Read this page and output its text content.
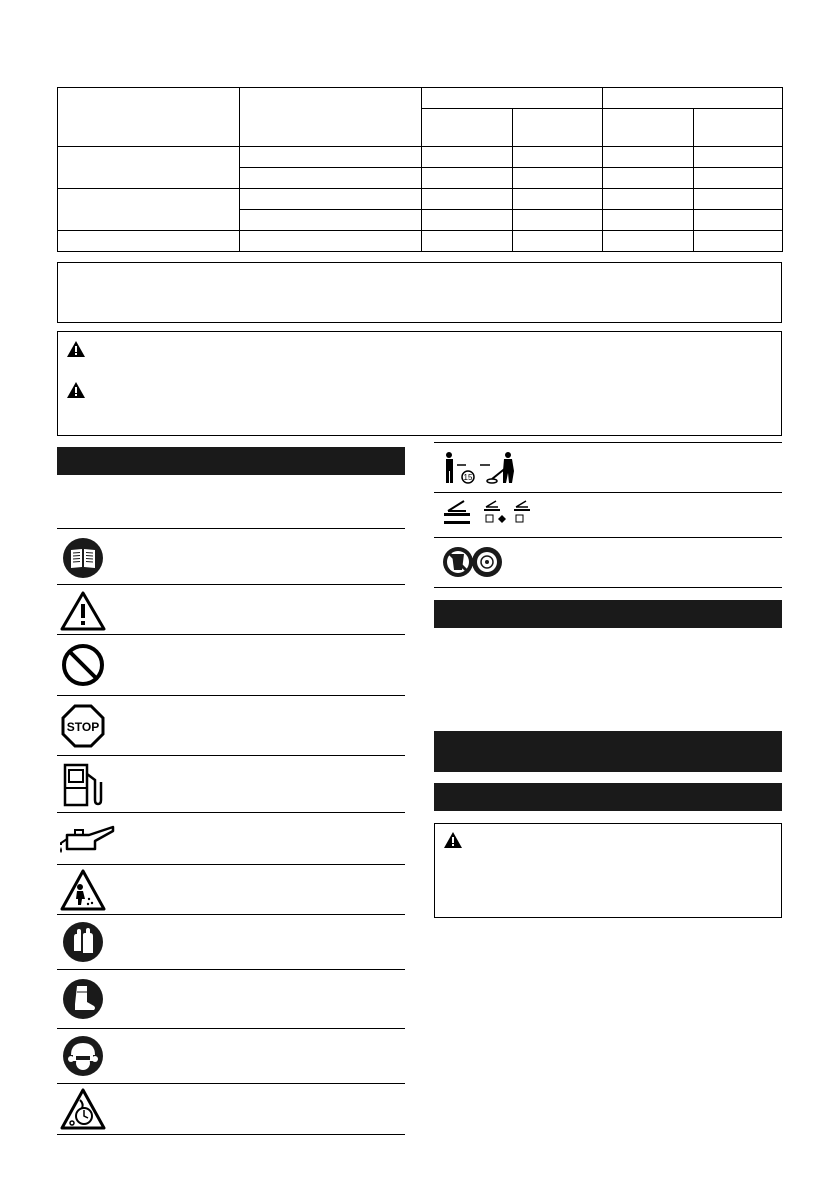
STOP
15
